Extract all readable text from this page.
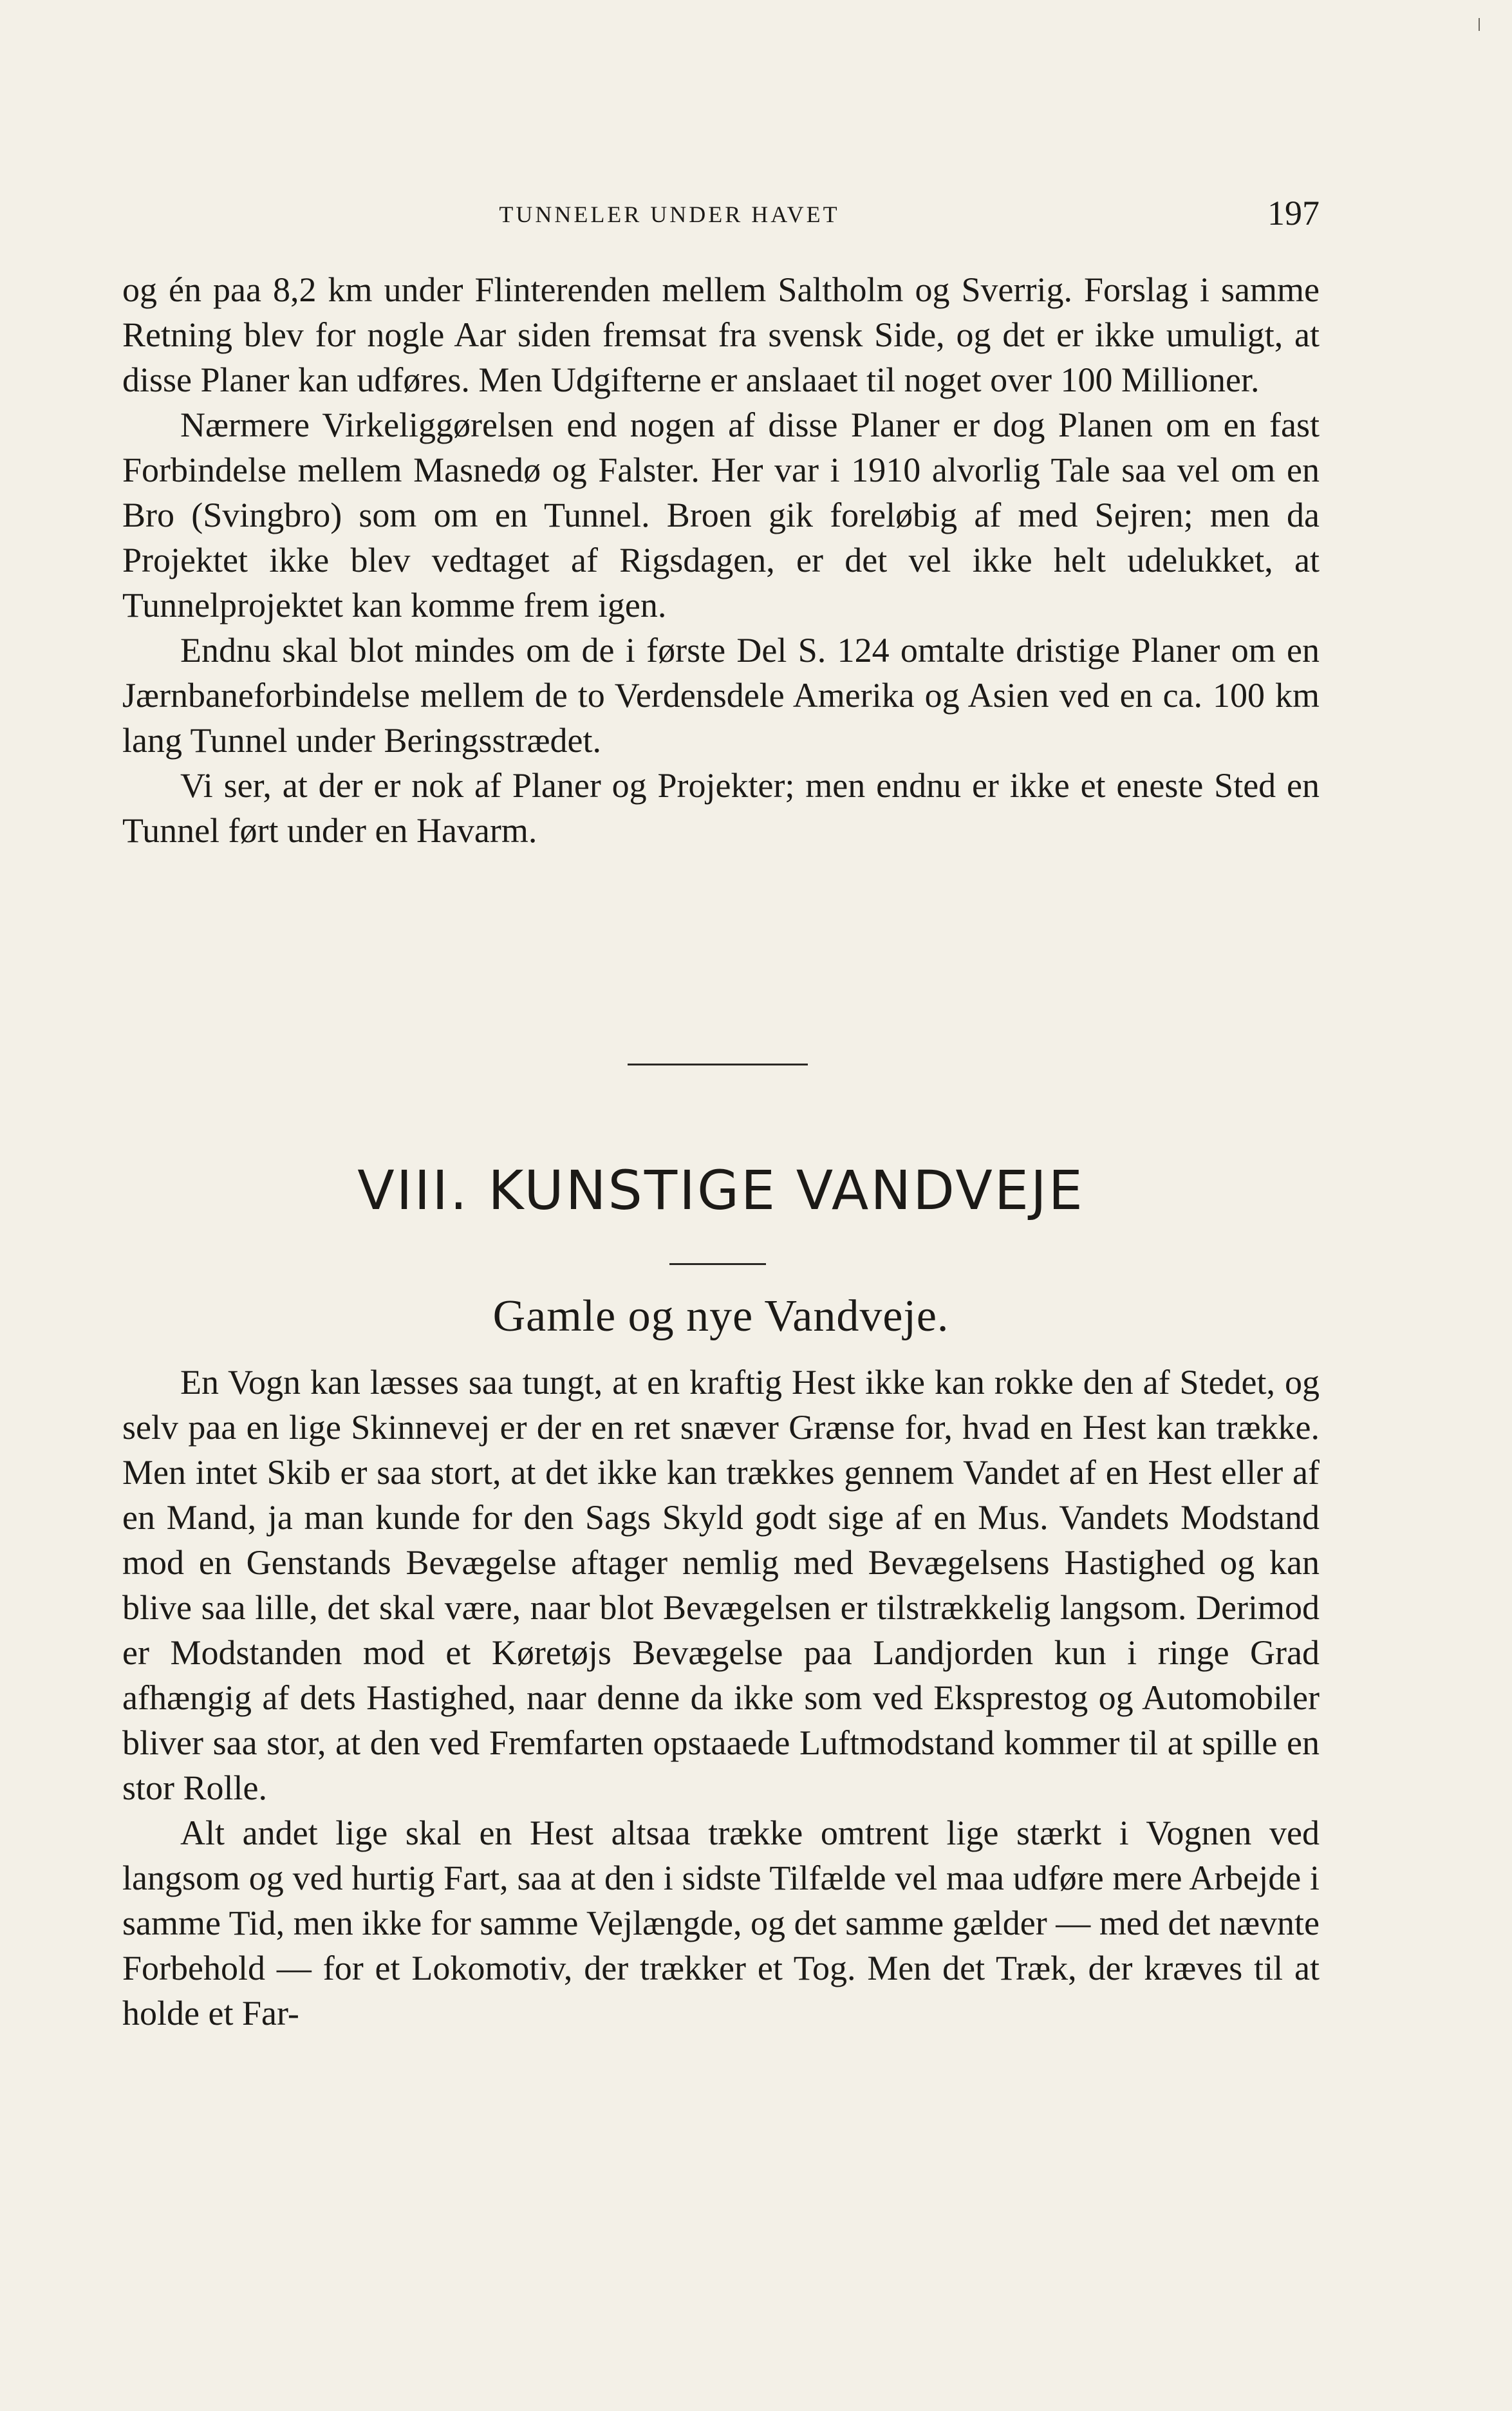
TUNNELER UNDER HAVET	197

og én paa 8,2 km under Flinterenden mellem Saltholm og Sverrig. Forslag i samme Retning blev for nogle Aar siden fremsat fra svensk Side, og det er ikke umuligt, at disse Planer kan udføres. Men Udgifterne er anslaaet til noget over 100 Millioner.

Nærmere Virkeliggørelsen end nogen af disse Planer er dog Planen om en fast Forbindelse mellem Masnedø og Falster. Her var i 1910 alvorlig Tale saa vel om en Bro (Svingbro) som om en Tunnel. Broen gik foreløbig af med Sejren; men da Projektet ikke blev vedtaget af Rigsdagen, er det vel ikke helt udelukket, at Tunnelprojektet kan komme frem igen.

Endnu skal blot mindes om de i første Del S. 124 omtalte dristige Planer om en Jærnbaneforbindelse mellem de to Verdensdele Amerika og Asien ved en ca. 100 km lang Tunnel under Beringsstrædet.

Vi ser, at der er nok af Planer og Projekter; men endnu er ikke et eneste Sted en Tunnel ført under en Havarm.

VIII. KUNSTIGE VANDVEJE
Gamle og nye Vandveje.

En Vogn kan læsses saa tungt, at en kraftig Hest ikke kan rokke den af Stedet, og selv paa en lige Skinnevej er der en ret snæver Grænse for, hvad en Hest kan trække. Men intet Skib er saa stort, at det ikke kan trækkes gennem Vandet af en Hest eller af en Mand, ja man kunde for den Sags Skyld godt sige af en Mus. Vandets Modstand mod en Genstands Bevægelse aftager nemlig med Bevægelsens Hastighed og kan blive saa lille, det skal være, naar blot Bevægelsen er tilstrækkelig langsom. Derimod er Modstanden mod et Køretøjs Bevægelse paa Landjorden kun i ringe Grad afhængig af dets Hastighed, naar denne da ikke som ved Eksprestog og Automobiler bliver saa stor, at den ved Fremfarten opstaaede Luftmodstand kommer til at spille en stor Rolle.

Alt andet lige skal en Hest altsaa trække omtrent lige stærkt i Vognen ved langsom og ved hurtig Fart, saa at den i sidste Tilfælde vel maa udføre mere Arbejde i samme Tid, men ikke for samme Vejlængde, og det samme gælder — med det nævnte Forbehold — for et Lokomotiv, der trækker et Tog. Men det Træk, der kræves til at holde et Far-
